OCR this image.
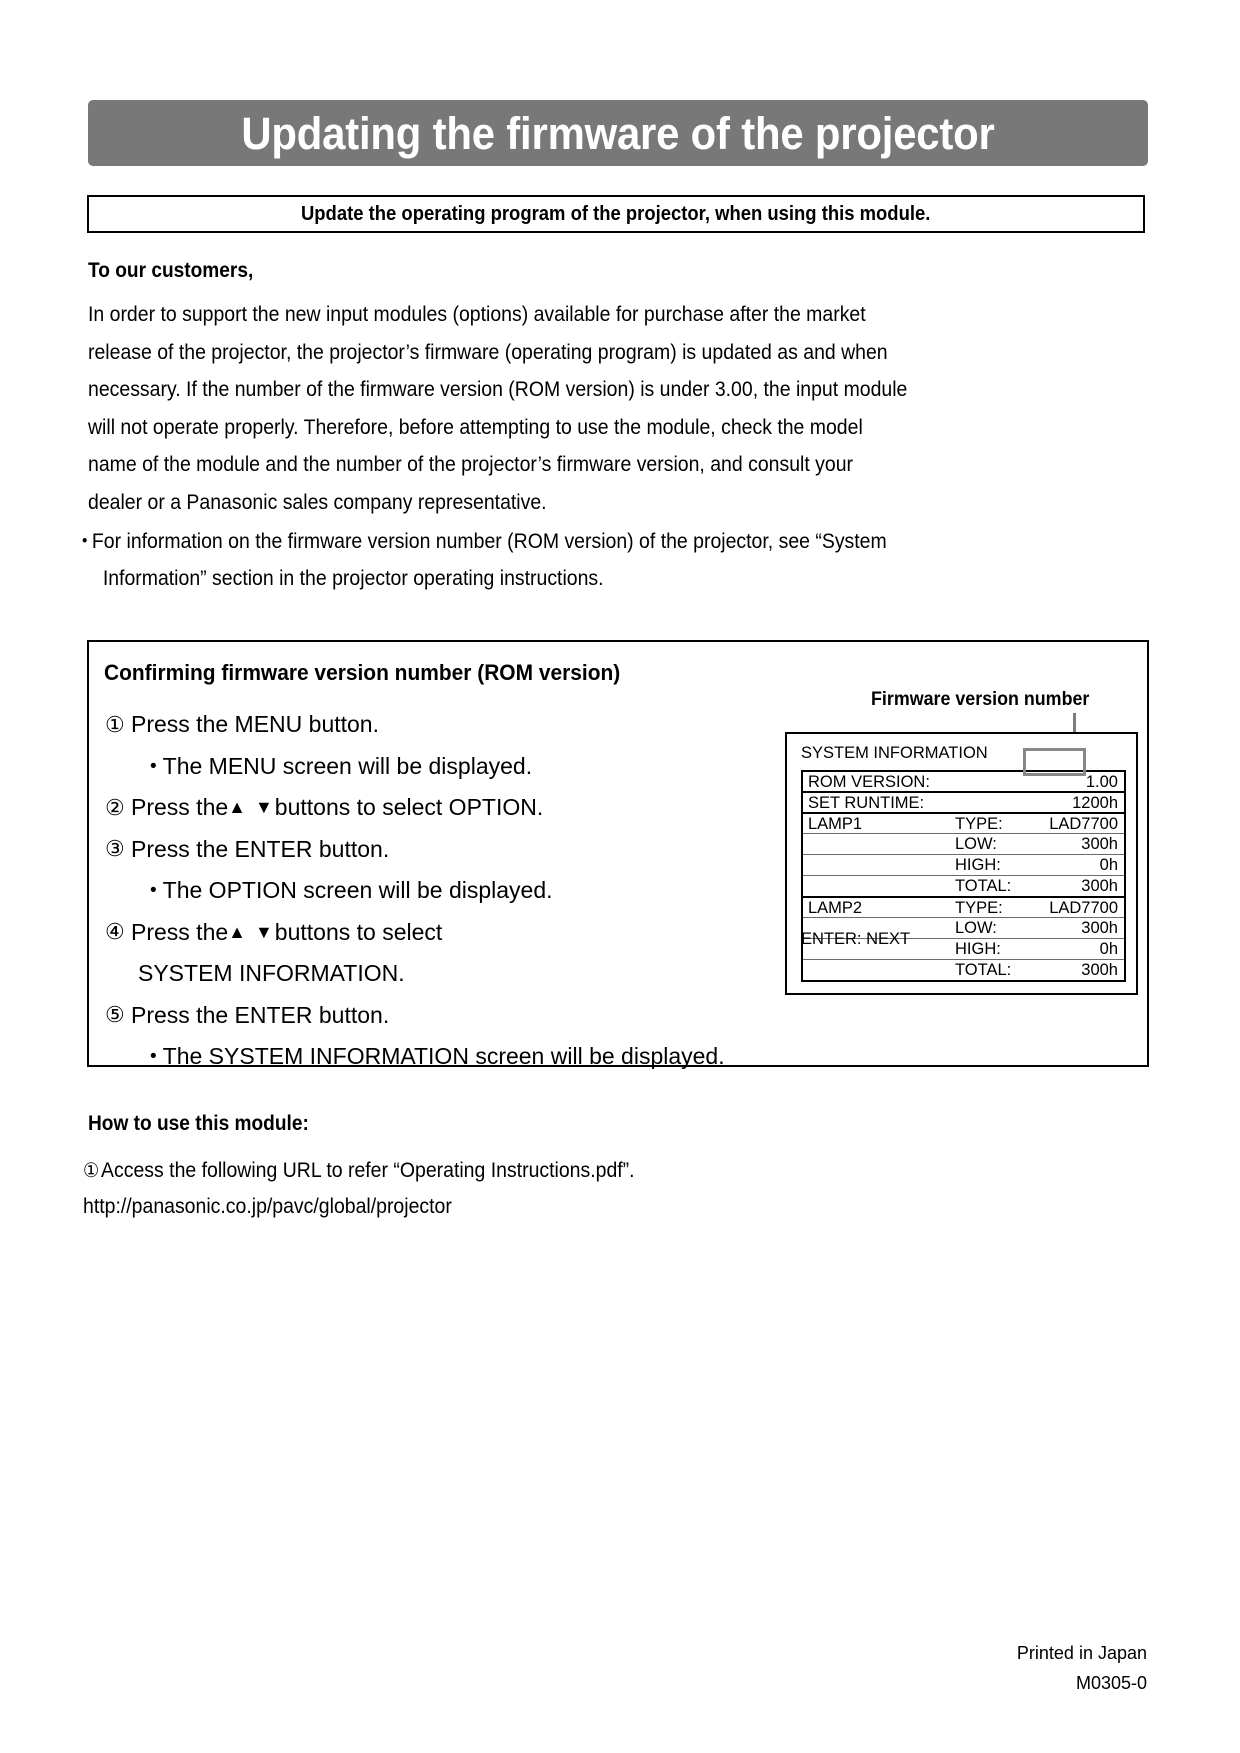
Updating the firmware of the projector
Update the operating program of the projector, when using this module.
To our customers,
In order to support the new input modules (options) available for purchase after the market
release of the projector, the projector’s firmware (operating program) is updated as and when
necessary. If the number of the firmware version (ROM version) is under 3.00, the input module
will not operate properly. Therefore, before attempting to use the module, check the model
name of the module and the number of the projector’s firmware version, and consult your
dealer or a Panasonic sales company representative.
• For information on the firmware version number (ROM version) of the projector, see “System
Information” section in the projector operating instructions.
Confirming firmware version number (ROM version)
① Press the MENU button.
• The MENU screen will be displayed.
② Press the ▲ ▼ buttons to select OPTION.
③ Press the ENTER button.
• The OPTION screen will be displayed.
④ Press the ▲ ▼ buttons to select
SYSTEM INFORMATION.
⑤ Press the ENTER button.
• The SYSTEM INFORMATION screen will be displayed.
Firmware version number
SYSTEM INFORMATION
ROM VERSION:	1.00
SET RUNTIME:	1200h
LAMP1	TYPE:	LAD7700
LOW:	300h
HIGH:	0h
TOTAL:	300h
LAMP2	TYPE:	LAD7700
LOW:	300h
HIGH:	0h
TOTAL:	300h
ENTER: NEXT
How to use this module:
①Access the following URL to refer “Operating Instructions.pdf”.
http://panasonic.co.jp/pavc/global/projector
Printed in Japan
M0305-0
